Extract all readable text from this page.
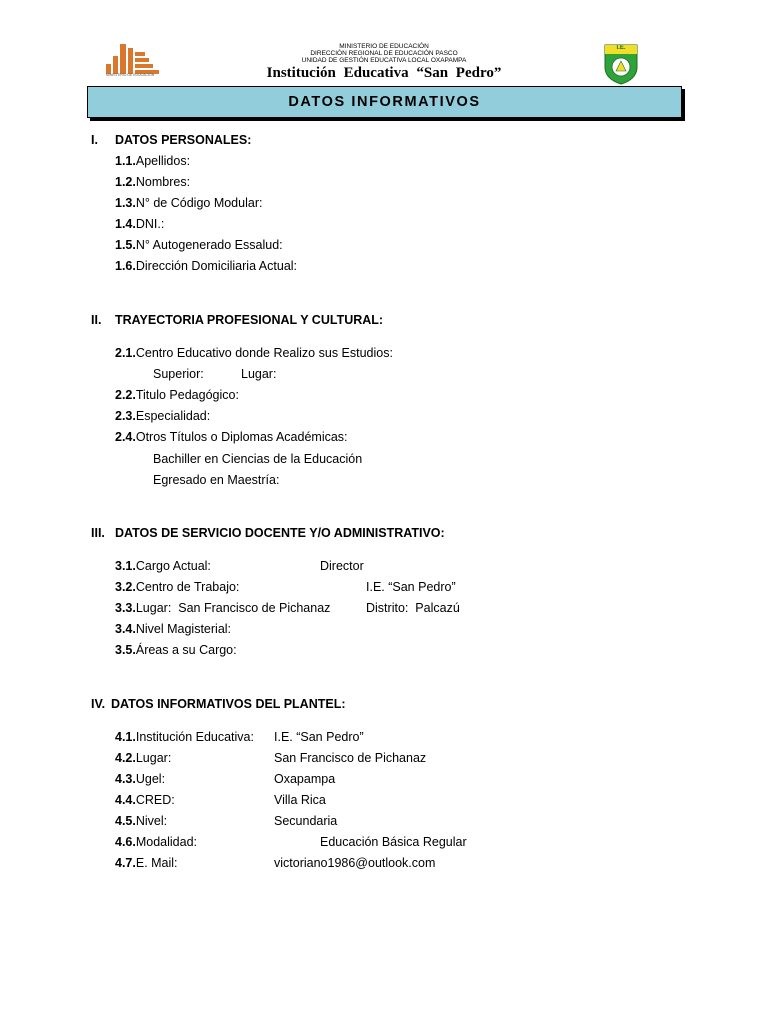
MINISTERIO DE EDUCACIÓN
MINISTERIO DE EDUCACIÓN
DIRECCIÓN REGIONAL DE EDUCACIÓN PASCO
UNIDAD DE GESTIÓN EDUCATIVA LOCAL OXAPAMPA
Institución Educativa “San Pedro”
I.E.
DATOS INFORMATIVOS
I. DATOS PERSONALES:
1.1.Apellidos:
1.2.Nombres:
1.3.N° de Código Modular:
1.4.DNI.:
1.5.N° Autogenerado Essalud:
1.6.Dirección Domiciliaria Actual:
II. TRAYECTORIA PROFESIONAL Y CULTURAL:
2.1.Centro Educativo donde Realizo sus Estudios:
Superior:	Lugar:
2.2.Titulo Pedagógico:
2.3.Especialidad:
2.4.Otros Títulos o Diplomas Académicas:
Bachiller en Ciencias de la Educación
Egresado en Maestría:
III. DATOS DE SERVICIO DOCENTE Y/O ADMINISTRATIVO:
3.1.Cargo Actual:	Director
3.2.Centro de Trabajo:	I.E. “San Pedro”
3.3.Lugar:  San Francisco de Pichanaz	Distrito:  Palcazú
3.4.Nivel Magisterial:
3.5.Áreas a su Cargo:
IV. DATOS INFORMATIVOS DEL PLANTEL:
4.1.Institución Educativa: I.E. “San Pedro”
4.2.Lugar:	San Francisco de Pichanaz
4.3.Ugel:	Oxapampa
4.4.CRED:	Villa Rica
4.5.Nivel:	Secundaria
4.6.Modalidad:	Educación Básica Regular
4.7.E. Mail:	victoriano1986@outlook.com
